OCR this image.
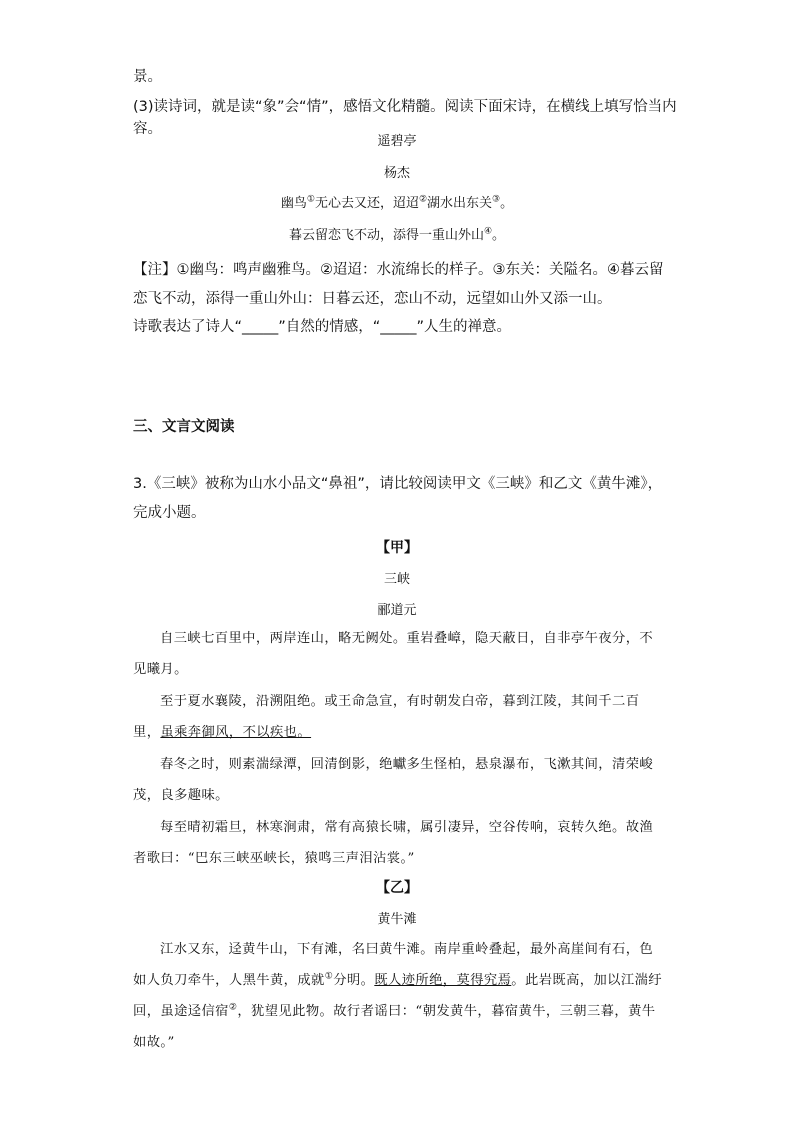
景。
(3)读诗词，就是读“象”会“情”，感悟文化精髓。阅读下面宋诗，在横线上填写恰当内容。
遥碧亭
杨杰
幽鸟①无心去又还，迢迢②湖水出东关③。
暮云留恋飞不动，添得一重山外山④。
【注】①幽鸟：鸣声幽雅鸟。②迢迢：水流绵长的样子。③东关：关隘名。④暮云留恋飞不动，添得一重山外山：日暮云还，恋山不动，远望如山外又添一山。
诗歌表达了诗人“_____”自然的情感，“_____”人生的禅意。
三、文言文阅读
3.《三峡》被称为山水小品文“鼻祖”，请比较阅读甲文《三峡》和乙文《黄牛滩》，完成小题。
【甲】
三峡
郦道元
自三峡七百里中，两岸连山，略无阙处。重岩叠嶂，隐天蔽日，自非亭午夜分，不见曦月。
至于夏水襄陵，沿溯阻绝。或王命急宣，有时朝发白帝，暮到江陵，其间千二百里，虽乘奔御风，不以疾也。
春冬之时，则素湍绿潭，回清倒影，绝巘多生怪柏，悬泉瀑布，飞漱其间，清荣峻茂，良多趣味。
每至晴初霜旦，林寒涧肃，常有高猿长啸，属引凄异，空谷传响，哀转久绝。故渔者歌曰：“巴东三峡巫峡长，猿鸣三声泪沾裳。”
【乙】
黄牛滩
江水又东，迳黄牛山，下有滩，名曰黄牛滩。南岸重岭叠起，最外高崖间有石，色如人负刀牵牛，人黑牛黄，成就①分明。既人迹所绝，莫得究焉。此岩既高，加以江湍纡回，虽途迳信宿②，犹望见此物。故行者谣曰：“朝发黄牛，暮宿黄牛，三朝三暮，黄牛如故。”
